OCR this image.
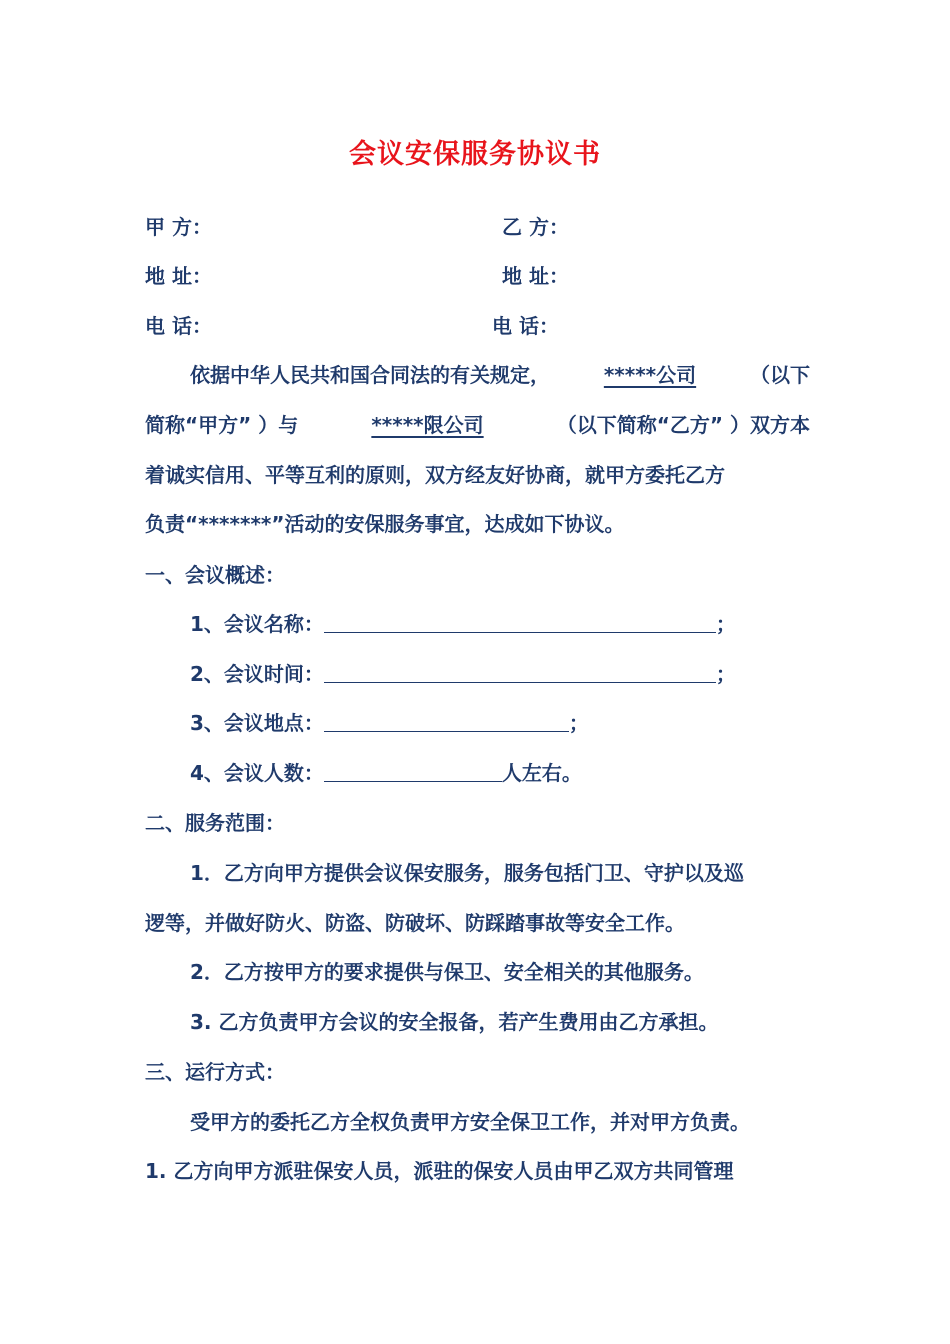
会议安保服务协议书
甲 方：	乙 方：
地 址：	地 址：
电 话：	电 话：
依据中华人民共和国合同法的有关规定，	*****公司	（以下
简称“甲方” ）与	*****限公司	（以下简称“乙方” ）双方本
着诚实信用、平等互利的原则，双方经友好协商，就甲方委托乙方
负责“*******”活动的安保服务事宜，达成如下协议。
一、会议概述：
1、会议名称：	；
2、会议时间：	；
3、会议地点：	；
4、会议人数：	人左右。
二、服务范围：
1．乙方向甲方提供会议保安服务，服务包括门卫、守护以及巡
逻等，并做好防火、防盗、防破坏、防踩踏事故等安全工作。
2．乙方按甲方的要求提供与保卫、安全相关的其他服务。
3. 乙方负责甲方会议的安全报备，若产生费用由乙方承担。
三、运行方式：
受甲方的委托乙方全权负责甲方安全保卫工作，并对甲方负责。
1. 乙方向甲方派驻保安人员，派驻的保安人员由甲乙双方共同管理
